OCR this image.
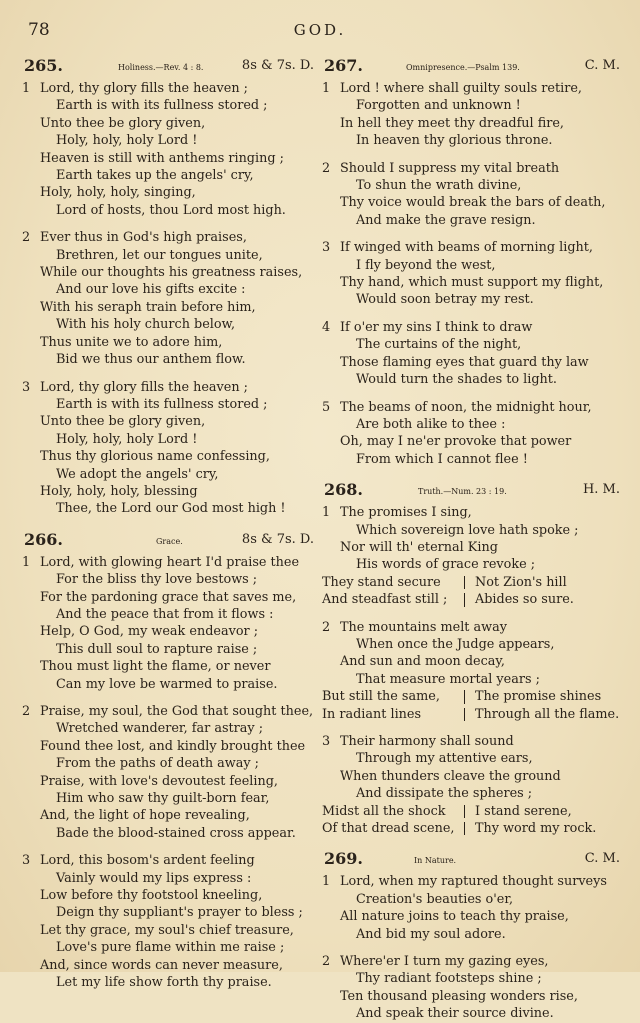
78	GOD.
265.	Holiness.—Rev. 4 : 8.	8s & 7s. D.
1 Lord, thy glory fills the heaven ;
Earth is with its fullness stored ;
Unto thee be glory given,
Holy, holy, holy Lord !
Heaven is still with anthems ringing ;
Earth takes up the angels' cry,
Holy, holy, holy, singing,
Lord of hosts, thou Lord most high.
2 Ever thus in God's high praises,
Brethren, let our tongues unite,
While our thoughts his greatness raises,
And our love his gifts excite :
With his seraph train before him,
With his holy church below,
Thus unite we to adore him,
Bid we thus our anthem flow.
3 Lord, thy glory fills the heaven ;
Earth is with its fullness stored ;
Unto thee be glory given,
Holy, holy, holy Lord !
Thus thy glorious name confessing,
We adopt the angels' cry,
Holy, holy, holy, blessing
Thee, the Lord our God most high !
266.	Grace.	8s & 7s. D.
1 Lord, with glowing heart I'd praise thee
For the bliss thy love bestows ;
For the pardoning grace that saves me,
And the peace that from it flows :
Help, O God, my weak endeavor ;
This dull soul to rapture raise ;
Thou must light the flame, or never
Can my love be warmed to praise.
2 Praise, my soul, the God that sought thee,
Wretched wanderer, far astray ;
Found thee lost, and kindly brought thee
From the paths of death away ;
Praise, with love's devoutest feeling,
Him who saw thy guilt-born fear,
And, the light of hope revealing,
Bade the blood-stained cross appear.
3 Lord, this bosom's ardent feeling
Vainly would my lips express :
Low before thy footstool kneeling,
Deign thy suppliant's prayer to bless ;
Let thy grace, my soul's chief treasure,
Love's pure flame within me raise ;
And, since words can never measure,
Let my life show forth thy praise.
267.	Omnipresence.—Psalm 139.	C. M.
1 Lord ! where shall guilty souls retire,
Forgotten and unknown !
In hell they meet thy dreadful fire,
In heaven thy glorious throne.
2 Should I suppress my vital breath
To shun the wrath divine,
Thy voice would break the bars of death,
And make the grave resign.
3 If winged with beams of morning light,
I fly beyond the west,
Thy hand, which must support my flight,
Would soon betray my rest.
4 If o'er my sins I think to draw
The curtains of the night,
Those flaming eyes that guard thy law
Would turn the shades to light.
5 The beams of noon, the midnight hour,
Are both alike to thee :
Oh, may I ne'er provoke that power
From which I cannot flee !
268.	Truth.—Num. 23 : 19.	H. M.
1 The promises I sing,
Which sovereign love hath spoke ;
Nor will th' eternal King
His words of grace revoke ;
They stand secure	Not Zion's hill
And steadfast still ;	Abides so sure.
2 The mountains melt away
When once the Judge appears,
And sun and moon decay,
That measure mortal years ;
But still the same,	The promise shines
In radiant lines	Through all the flame.
3 Their harmony shall sound
Through my attentive ears,
When thunders cleave the ground
And dissipate the spheres ;
Midst all the shock	I stand serene,
Of that dread scene,	Thy word my rock.
269.	In Nature.	C. M.
1 Lord, when my raptured thought surveys
Creation's beauties o'er,
All nature joins to teach thy praise,
And bid my soul adore.
2 Where'er I turn my gazing eyes,
Thy radiant footsteps shine ;
Ten thousand pleasing wonders rise,
And speak their source divine.
